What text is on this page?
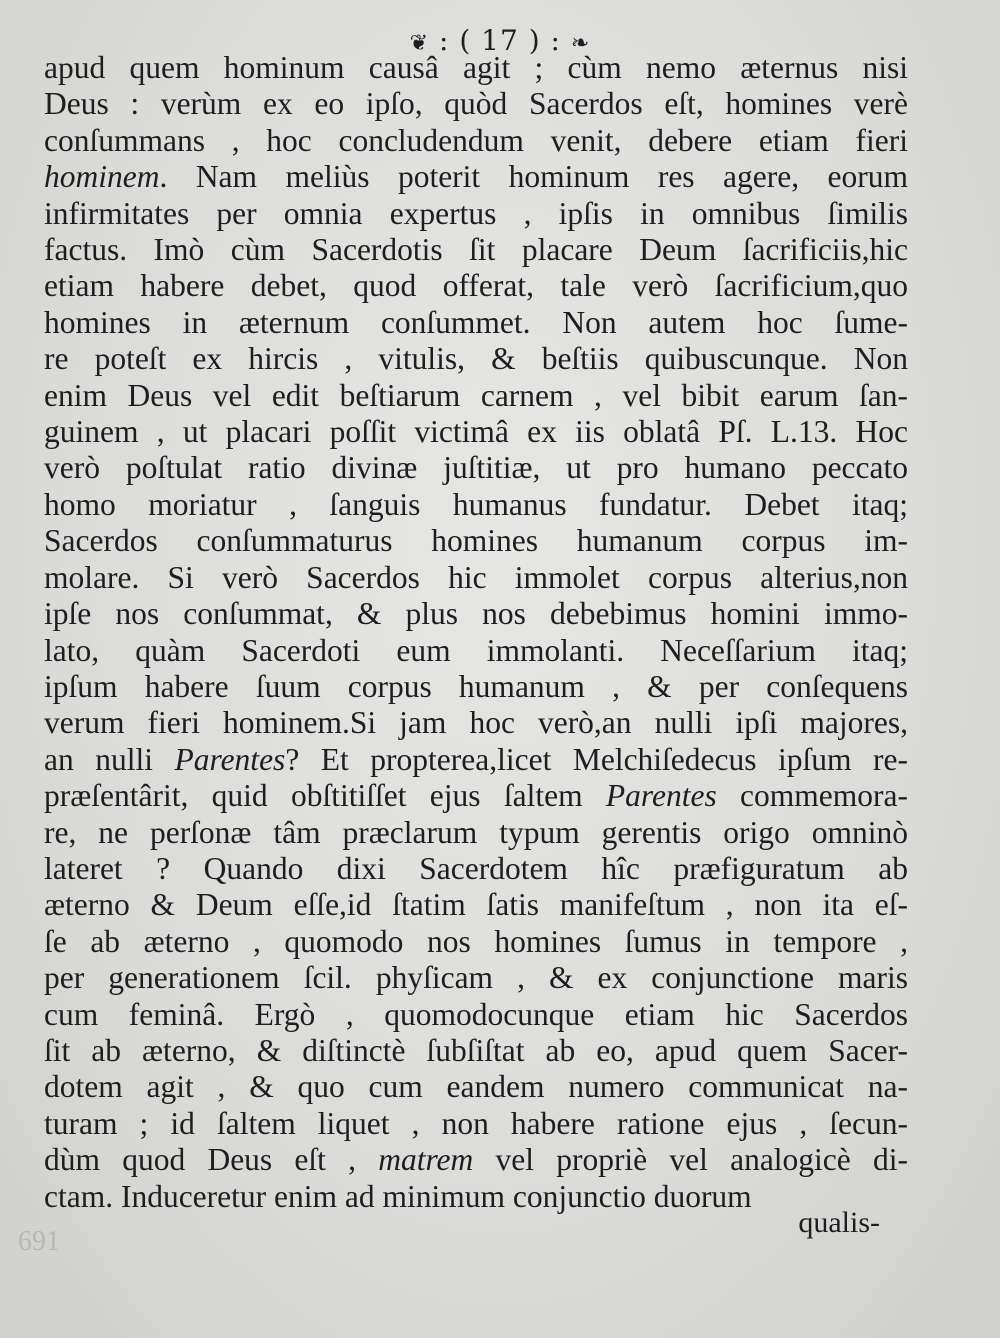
❦ : ( 17 ) : ❧
apud quem hominum causâ agit ; cùm nemo æternus nisi
Deus : verùm ex eo ipſo, quòd Sacerdos eſt, homines verè
conſummans , hoc concludendum venit, debere etiam fieri
hominem. Nam meliùs poterit hominum res agere, eorum
infirmitates per omnia expertus , ipſis in omnibus ſimilis
factus. Imò cùm Sacerdotis ſit placare Deum ſacrificiis,hic
etiam habere debet, quod offerat, tale verò ſacrificium,quo
homines in æternum conſummet. Non autem hoc ſume-
re poteſt ex hircis , vitulis, & beſtiis quibuscunque. Non
enim Deus vel edit beſtiarum carnem , vel bibit earum ſan-
guinem , ut placari poſſit victimâ ex iis oblatâ Pſ. L.13. Hoc
verò poſtulat ratio divinæ juſtitiæ, ut pro humano peccato
homo moriatur , ſanguis humanus fundatur. Debet itaq;
Sacerdos conſummaturus homines humanum corpus im-
molare. Si verò Sacerdos hic immolet corpus alterius,non
ipſe nos conſummat, & plus nos debebimus homini immo-
lato, quàm Sacerdoti eum immolanti. Neceſſarium itaq;
ipſum habere ſuum corpus humanum , & per conſequens
verum fieri hominem.Si jam hoc verò,an nulli ipſi majores,
an nulli Parentes? Et propterea,licet Melchiſedecus ipſum re-
præſentârit, quid obſtitiſſet ejus ſaltem Parentes commemora-
re, ne perſonæ tâm præclarum typum gerentis origo omninò
lateret ? Quando dixi Sacerdotem hîc præfiguratum ab
æterno & Deum eſſe,id ſtatim ſatis manifeſtum , non ita eſ-
ſe ab æterno , quomodo nos homines ſumus in tempore ,
per generationem ſcil. phyſicam , & ex conjunctione maris
cum feminâ. Ergò , quomodocunque etiam hic Sacerdos
ſit ab æterno, & diſtinctè ſubſiſtat ab eo, apud quem Sacer-
dotem agit , & quo cum eandem numero communicat na-
turam ; id ſaltem liquet , non habere ratione ejus , ſecun-
dùm quod Deus eſt , matrem vel propriè vel analogicè di-
ctam. Induceretur enim ad minimum conjunctio duorum
qualis-
691
